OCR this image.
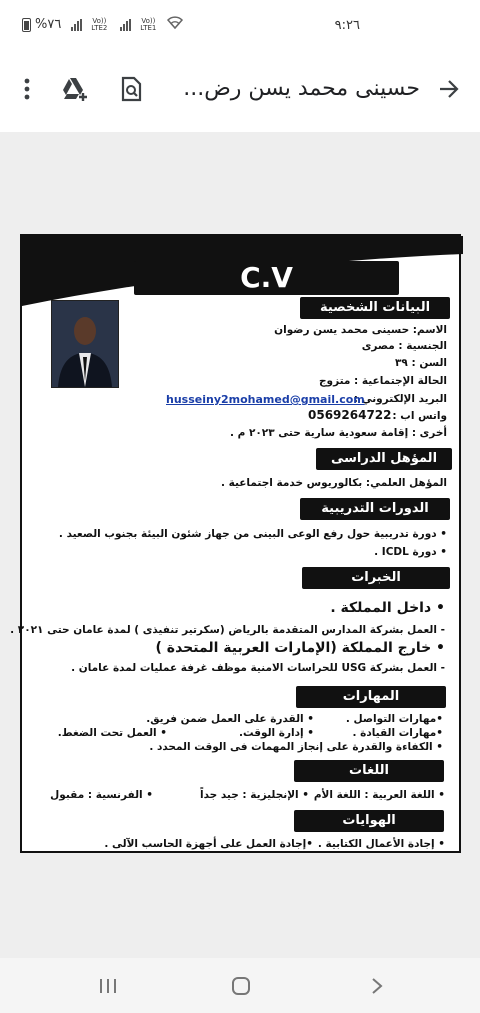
%٧٦	Vo)) LTE2
Vo)) LTE1	٩:٢٦
حسينى محمد يسن رض...
C.V
البيانات الشخصية
الاسم: حسينى محمد يسن رضوان
الجنسية : مصرى
السن : ٣٩
الحالة الإجتماعية : متزوج
البريد الإلكتروني :
husseiny2mohamed@gmail.com
واتس اب :
0569264722
أخرى : إقامة سعودية سارية حتى ٢٠٢٣ م .
المؤهل الدراسى
المؤهل العلمي: بكالوريوس خدمة اجتماعية .
الدورات التدريبية
• دورة تدريبية حول رفع الوعى البينى من جهاز شئون البيئة بجنوب الصعيد .
• دورة ICDL .
الخبرات
• داخل المملكة .
- العمل بشركة المدارس المتقدمة بالرياض (سكرتير تنفيذى ) لمدة عامان حتى ٢٠٢١ .
• خارج المملكة (الإمارات العربية المتحدة )
- العمل بشركة USG للحراسات الامنية موظف غرفة عمليات لمدة عامان .
المهارات
•مهارات التواصل .
• القدرة على العمل ضمن فريق.
•مهارات القيادة .
• إدارة الوقت.
• العمل تحت الضغط.
• الكفاءة والقدرة على إنجاز المهمات فى الوقت المحدد .
اللغات
• اللغة العربية : اللغة الأم
• الإنجليزية : جيد جداً
• الفرنسية : مقبول
الهوايات
• إجادة الأعمال الكتابية .
•إجادة العمل على أجهزة الحاسب الآلى .
